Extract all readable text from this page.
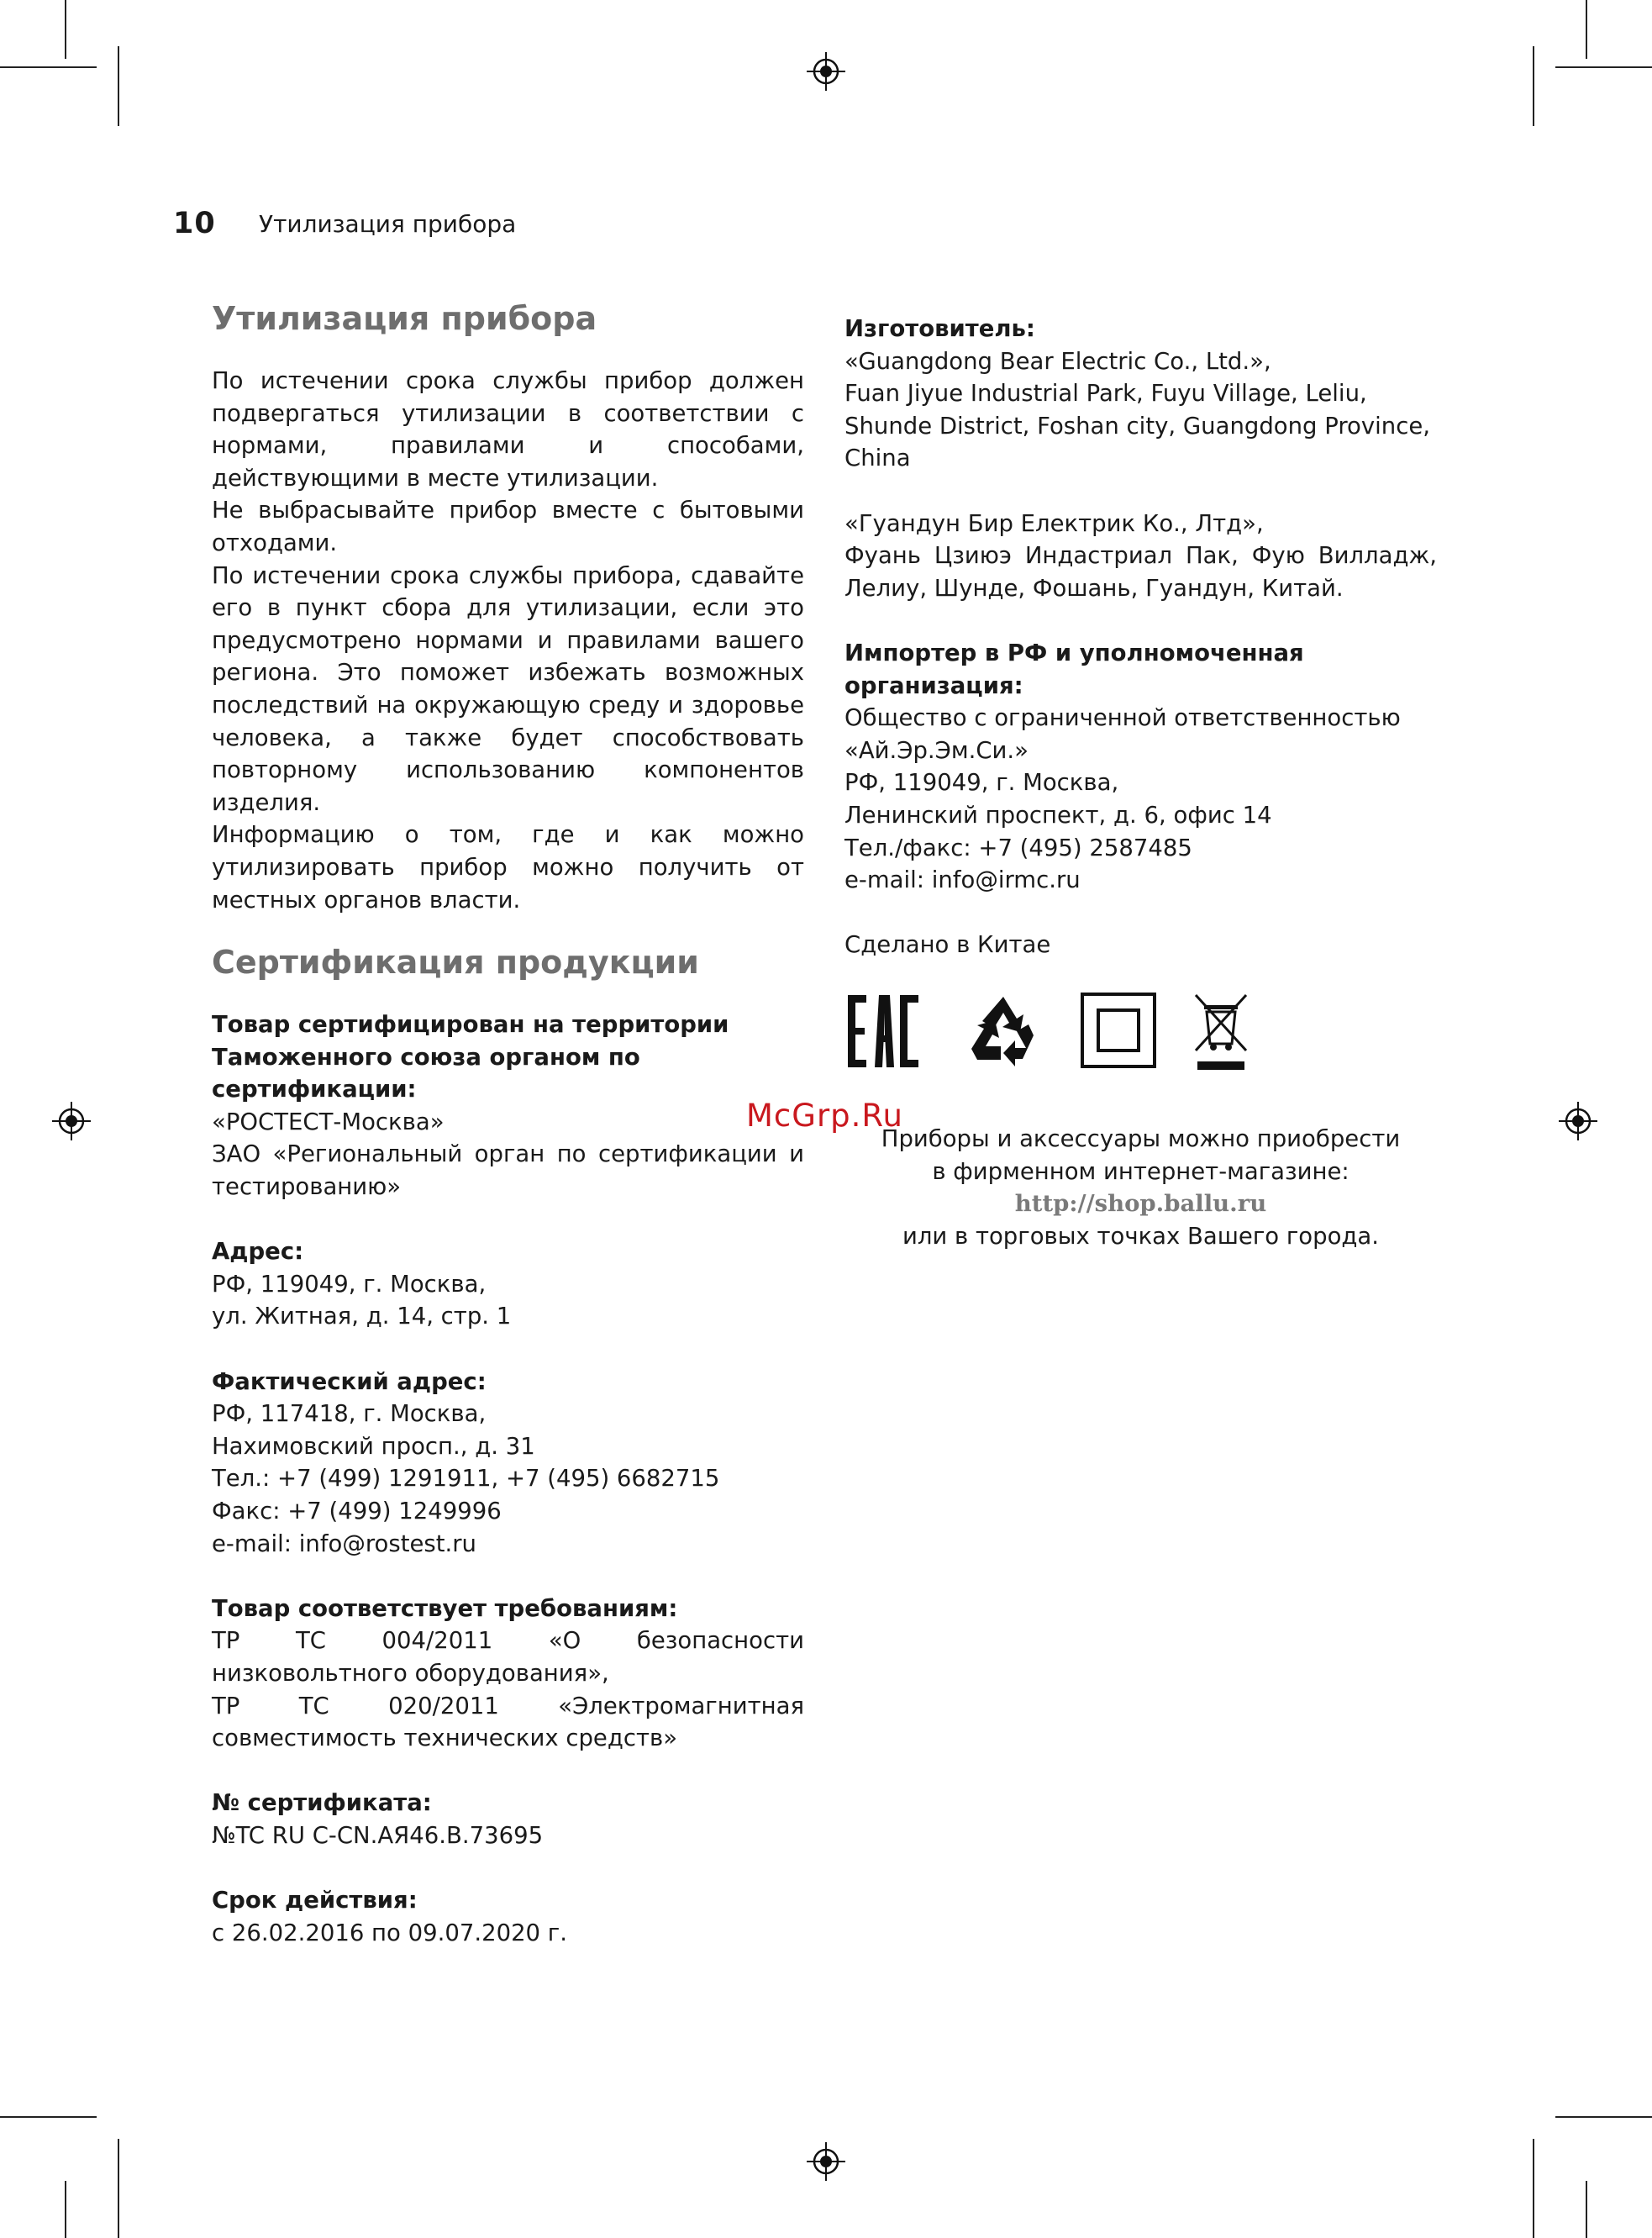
10 Утилизация прибора
Утилизация прибора

По истечении срока службы прибор должен подвергаться утилизации в соответствии с нормами, правилами и способами, действующими в месте утилизации.

Не выбрасывайте прибор вместе с бытовыми отходами.

По истечении срока службы прибора, сдавайте его в пункт сбора для утилизации, если это предусмотрено нормами и правилами вашего региона. Это поможет избежать возможных последствий на окружающую среду и здоровье человека, а также будет способствовать повторному использованию компонентов изделия.

Информацию о том, где и как можно утилизировать прибор можно получить от местных органов власти.

Сертификация продукции

Товар сертифицирован на территории Таможенного союза органом по сертификации:

«РОСТЕСТ-Москва»

ЗАО «Региональный орган по сертификации и тестированию»

Адрес:

РФ, 119049, г. Москва,

ул. Житная, д. 14, стр. 1

Фактический адрес:

РФ, 117418, г. Москва,

Нахимовский просп., д. 31

Тел.: +7 (499) 1291911, +7 (495) 6682715

Факс: +7 (499) 1249996

e-mail: info@rostest.ru

Товар соответствует требованиям:

ТР ТС 004/2011 «О безопасности низковольтного оборудования»,

ТР ТС 020/2011 «Электромагнитная совместимость технических средств»

№ сертификата:

№TC RU C-CN.АЯ46.В.73695

Срок действия:

с 26.02.2016 по 09.07.2020 г.

Изготовитель:

«Guangdong Bear Electric Co., Ltd.»,

Fuan Jiyue Industrial Park, Fuyu Village, Leliu, Shunde District, Foshan city, Guangdong Province, China

«Гуандун Бир Електрик Ко., Лтд»,

Фуань Цзиюэ Индастриал Пак, Фую Вилладж, Лелиу, Шунде, Фошань, Гуандун, Китай.

Импортер в РФ и уполномоченная организация:

Общество с ограниченной ответственностью

«Ай.Эр.Эм.Си.»

РФ, 119049, г. Москва,

Ленинский проспект, д. 6, офис 14

Тел./факс: +7 (495) 2587485

e-mail: info@irmc.ru

Сделано в Китае

Приборы и аксессуары можно приобрести
в фирменном интернет-магазине:
http://shop.ballu.ru
или в торговых точках Вашего города.
McGrp.Ru
